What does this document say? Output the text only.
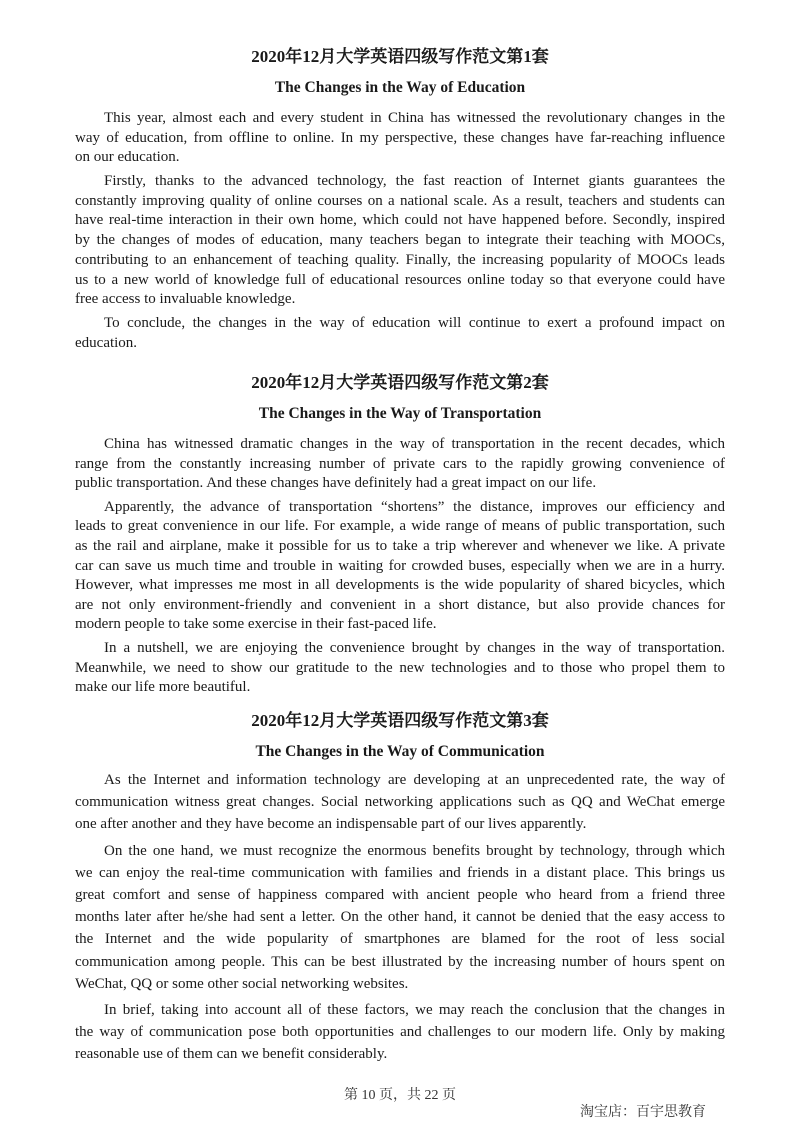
2020年12月大学英语四级写作范文第1套
The Changes in the Way of Education
This year, almost each and every student in China has witnessed the revolutionary changes in the
way of education, from offline to online. In my perspective, these changes have far-reaching influence
on our education.
Firstly, thanks to the advanced technology, the fast reaction of Internet giants guarantees the
constantly improving quality of online courses on a national scale. As a result, teachers and students can
have real-time interaction in their own home, which could not have happened before. Secondly, inspired
by the changes of modes of education, many teachers began to integrate their teaching with MOOCs,
contributing to an enhancement of teaching quality. Finally, the increasing popularity of MOOCs leads
us to a new world of knowledge full of educational resources online today so that everyone could have
free access to invaluable knowledge.
To conclude, the changes in the way of education will continue to exert a profound impact on
education.
2020年12月大学英语四级写作范文第2套
The Changes in the Way of Transportation
China has witnessed dramatic changes in the way of transportation in the recent decades, which
range from the constantly increasing number of private cars to the rapidly growing convenience of
public transportation. And these changes have definitely had a great impact on our life.
Apparently, the advance of transportation “shortens” the distance, improves our efficiency and
leads to great convenience in our life. For example, a wide range of means of public transportation, such
as the rail and airplane, make it possible for us to take a trip wherever and whenever we like. A private
car can save us much time and trouble in waiting for crowded buses, especially when we are in a hurry.
However, what impresses me most in all developments is the wide popularity of shared bicycles, which
are not only environment-friendly and convenient in a short distance, but also provide chances for
modern people to take some exercise in their fast-paced life.
In a nutshell, we are enjoying the convenience brought by changes in the way of transportation.
Meanwhile, we need to show our gratitude to the new technologies and to those who propel them to
make our life more beautiful.
2020年12月大学英语四级写作范文第3套
The Changes in the Way of Communication
As the Internet and information technology are developing at an unprecedented rate, the way of
communication witness great changes. Social networking applications such as QQ and WeChat emerge
one after another and they have become an indispensable part of our lives apparently.
On the one hand, we must recognize the enormous benefits brought by technology, through which
we can enjoy the real-time communication with families and friends in a distant place. This brings us
great comfort and sense of happiness compared with ancient people who heard from a friend three
months later after he/she had sent a letter. On the other hand, it cannot be denied that the easy access to
the Internet and the wide popularity of smartphones are blamed for the root of less social
communication among people. This can be best illustrated by the increasing number of hours spent on
WeChat, QQ or some other social networking websites.
In brief, taking into account all of these factors, we may reach the conclusion that the changes in
the way of communication pose both opportunities and challenges to our modern life. Only by making
reasonable use of them can we benefit considerably.
第 10 页，共 22 页
淘宝店：百宇思教育
